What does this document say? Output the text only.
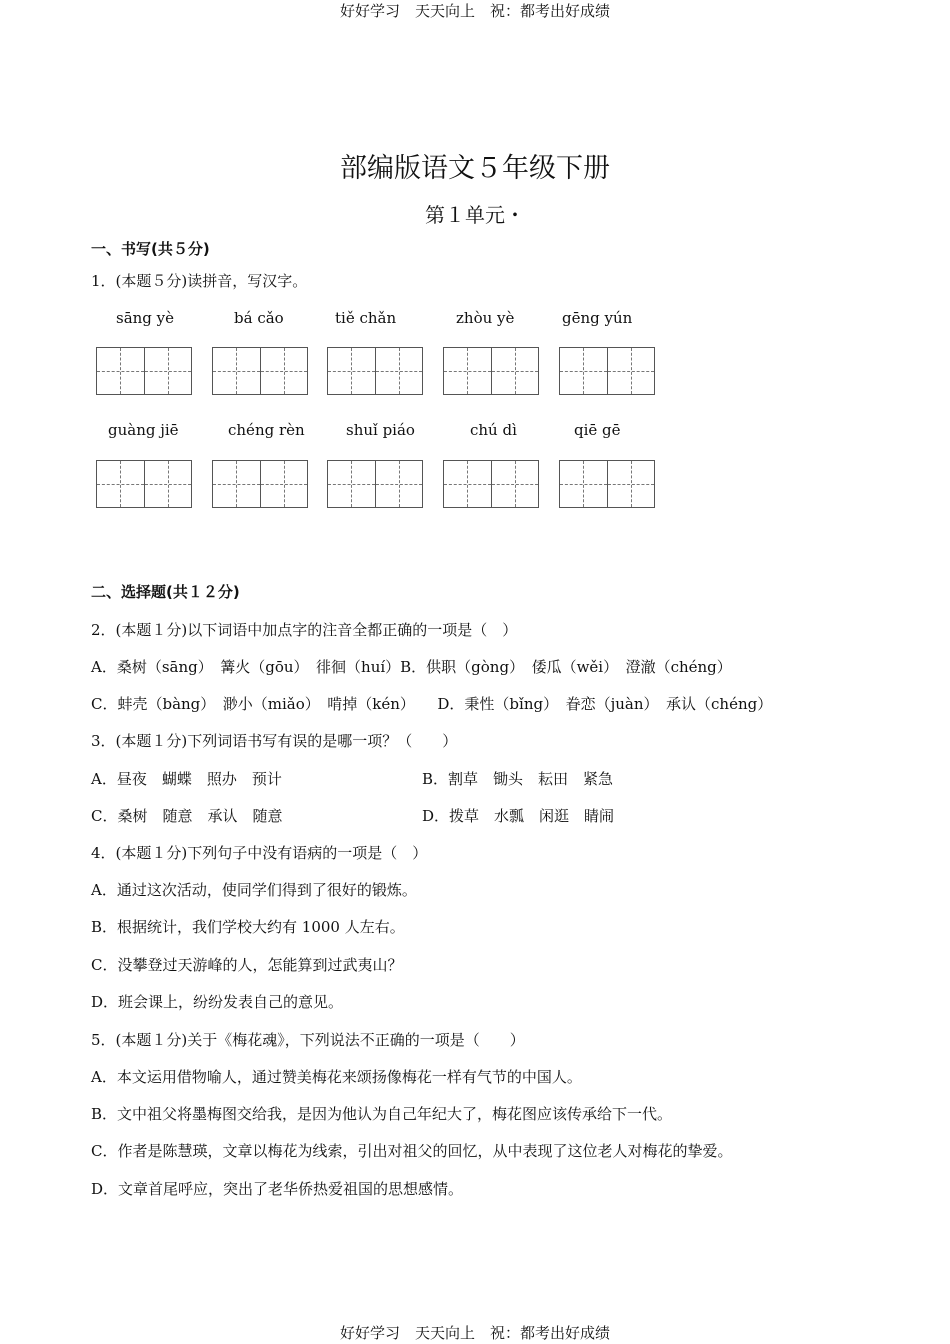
好好学习　天天向上　祝：都考出好成绩
部编版语文５年级下册
第１单元・
一、书写(共５分)
1．(本题５分)读拼音，写汉字。
sāng yè	bá cǎo	tiě chǎn	zhòu yè	gēng yún
guàng jiē	chéng rèn	shuǐ piáo	chú dì	qiē gē
二、选择题(共１２分)
2．(本题１分)以下词语中加点字的注音全都正确的一项是（　）
A．桑树（sāng）　篝火（gōu）　徘徊（huí）B．供职（gòng）　倭瓜（wěi）　澄澈（chéng）
C．蚌壳（bàng）　渺小（miǎo）　啃掉（kén）　　D．秉性（bǐng）　眷恋（juàn）　承认（chéng）
3．(本题１分)下列词语书写有误的是哪一项？（　　）
A．昼夜　蝴蝶　照办　预计	B．割草　锄头　耘田　紧急
C．桑树　随意　承认　随意	D．拨草　水瓢　闲逛　睛闹
4．(本题１分)下列句子中没有语病的一项是（　）
A．通过这次活动，使同学们得到了很好的锻炼。
B．根据统计，我们学校大约有 1000 人左右。
C．没攀登过天游峰的人，怎能算到过武夷山？
D．班会课上，纷纷发表自己的意见。
5．(本题１分)关于《梅花魂》，下列说法不正确的一项是（　　）
A．本文运用借物喻人，通过赞美梅花来颂扬像梅花一样有气节的中国人。
B．文中祖父将墨梅图交给我，是因为他认为自己年纪大了，梅花图应该传承给下一代。
C．作者是陈慧瑛，文章以梅花为线索，引出对祖父的回忆，从中表现了这位老人对梅花的挚爱。
D．文章首尾呼应，突出了老华侨热爱祖国的思想感情。
好好学习　天天向上　祝：都考出好成绩
